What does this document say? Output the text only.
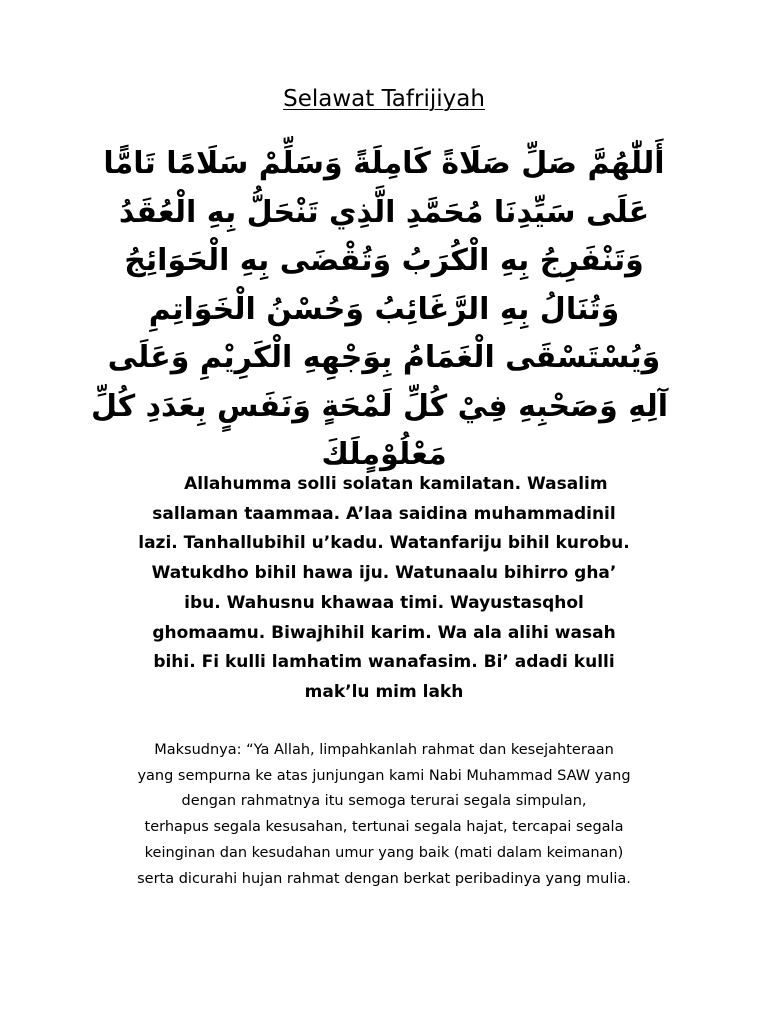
Selawat Tafrijiyah
أَللّٰهُمَّ صَلِّ صَلَاةً كَامِلَةً وَسَلِّمْ سَلَامًا تَامًّا
عَلَى سَيِّدِنَا مُحَمَّدِ الَّذِي تَنْحَلُّ بِهِ الْعُقَدُ
وَتَنْفَرِجُ بِهِ الْكُرَبُ وَتُقْضَى بِهِ الْحَوَائِجُ
وَتُنَالُ بِهِ الرَّغَائِبُ وَحُسْنُ الْخَوَاتِمِ
وَيُسْتَسْقَى الْغَمَامُ بِوَجْهِهِ الْكَرِيْمِ وَعَلَى
آلِهِ وَصَحْبِهِ فِيْ كُلِّ لَمْحَةٍ وَنَفَسٍ بِعَدَدِ كُلِّ
مَعْلُوْمٍلَكَ
Allahumma solli solatan kamilatan. Wasalim
sallaman taammaa. A’laa saidina muhammadinil
lazi. Tanhallubihil u’kadu. Watanfariju bihil kurobu.
Watukdho bihil hawa iju. Watunaalu bihirro gha’
ibu. Wahusnu khawaa timi. Wayustasqhol
ghomaamu. Biwajhihil karim. Wa ala alihi wasah
bihi. Fi kulli lamhatim wanafasim. Bi’ adadi kulli
mak’lu mim lakh
Maksudnya: “Ya Allah, limpahkanlah rahmat dan kesejahteraan
yang sempurna ke atas junjungan kami Nabi Muhammad SAW yang
dengan rahmatnya itu semoga terurai segala simpulan,
terhapus segala kesusahan, tertunai segala hajat, tercapai segala
keinginan dan kesudahan umur yang baik (mati dalam keimanan)
serta dicurahi hujan rahmat dengan berkat peribadinya yang mulia.
